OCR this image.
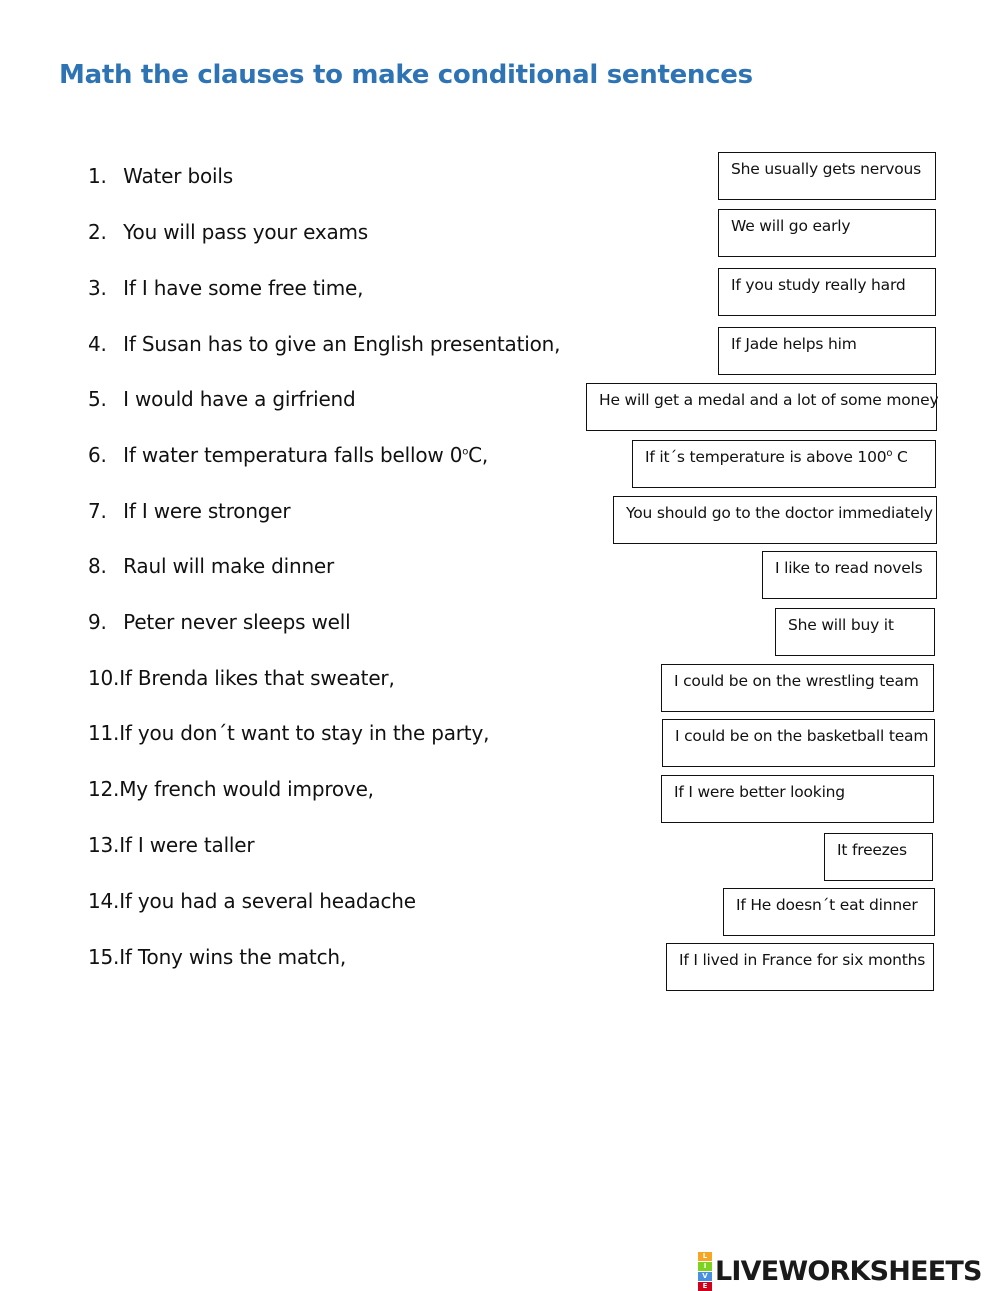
Math the clauses to make conditional sentences
1. Water boils
2. You will pass your exams
3. If I have some free time,
4. If Susan has to give an English presentation,
5. I would have a girfriend
6. If water temperatura falls bellow 0$^o$C,
7. If I were stronger
8. Raul will make dinner
9. Peter never sleeps well
10.If Brenda likes that sweater,
11.If you don´t want to stay in the party,
12.My french would improve,
13.If I were taller
14.If you had a several headache
15.If Tony wins the match,
She usually gets nervous
We will go early
If you study really hard
If Jade helps him
He will get a medal and a lot of some money
If it´s temperature is above 100$^o$ C
You should go to the doctor immediately
I like to read novels
She will buy it
I could be on the wrestling team
I could be on the basketball team
If I were better looking
It freezes
If He doesn´t eat dinner
If I lived in France for six months
L
I
V
E LIVEWORKSHEETS
